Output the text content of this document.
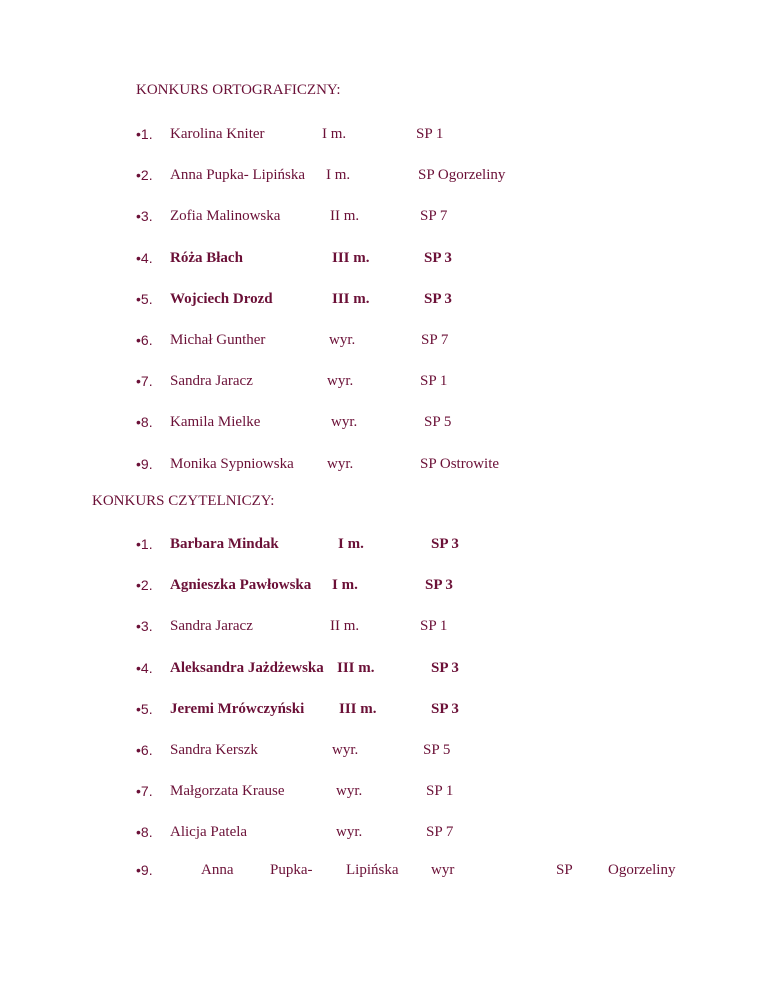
KONKURS ORTOGRAFICZNY:
•1. Karolina Kniter	I m.	SP 1
•2. Anna Pupka- Lipińska I m.	SP Ogorzeliny
•3. Zofia Malinowska	II m.	SP 7
•4. Róża Błach	III m.	SP 3
•5. Wojciech Drozd	III m.	SP 3
•6. Michał Gunther	wyr.	SP 7
•7. Sandra Jaracz	wyr.	SP 1
•8. Kamila Mielke	wyr.	SP 5
•9. Monika Sypniowska wyr.	SP Ostrowite
KONKURS CZYTELNICZY:
•1. Barbara Mindak	I m.	SP 3
•2. Agnieszka Pawłowska I m.	SP 3
•3. Sandra Jaracz	II m.	SP 1
•4. Aleksandra Jażdżewska III m.	SP 3
•5. Jeremi Mrówczyński III m.	SP 3
•6. Sandra Kerszk	wyr.	SP 5
•7. Małgorzata Krause	wyr.	SP 1
•8. Alicja Patela	wyr.	SP 7
•9.	Anna Pupka- Lipińska wyr	SP Ogorzeliny
